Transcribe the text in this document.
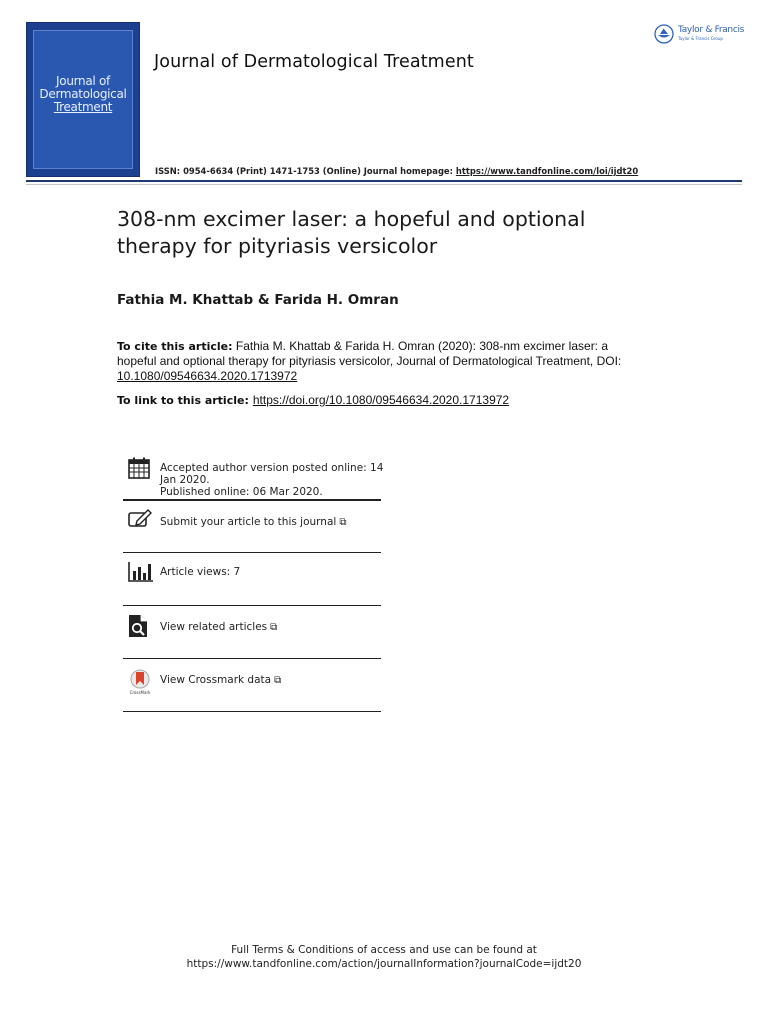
Journal of
Dermatological
Treatment
Journal of Dermatological Treatment
Taylor & Francis
Taylor & Francis Group
ISSN: 0954-6634 (Print) 1471-1753 (Online) Journal homepage: https://www.tandfonline.com/loi/ijdt20
308-nm excimer laser: a hopeful and optional
therapy for pityriasis versicolor
Fathia M. Khattab & Farida H. Omran
To cite this article: Fathia M. Khattab & Farida H. Omran (2020): 308-nm excimer laser: a hopeful and optional therapy for pityriasis versicolor, Journal of Dermatological Treatment, DOI: 10.1080/09546634.2020.1713972
To link to this article: https://doi.org/10.1080/09546634.2020.1713972
Accepted author version posted online: 14
Jan 2020.
Published online: 06 Mar 2020.
Submit your article to this journal ⧉
Article views: 7
View related articles ⧉
CrossMark
View Crossmark data ⧉
Full Terms & Conditions of access and use can be found at
https://www.tandfonline.com/action/journalInformation?journalCode=ijdt20
